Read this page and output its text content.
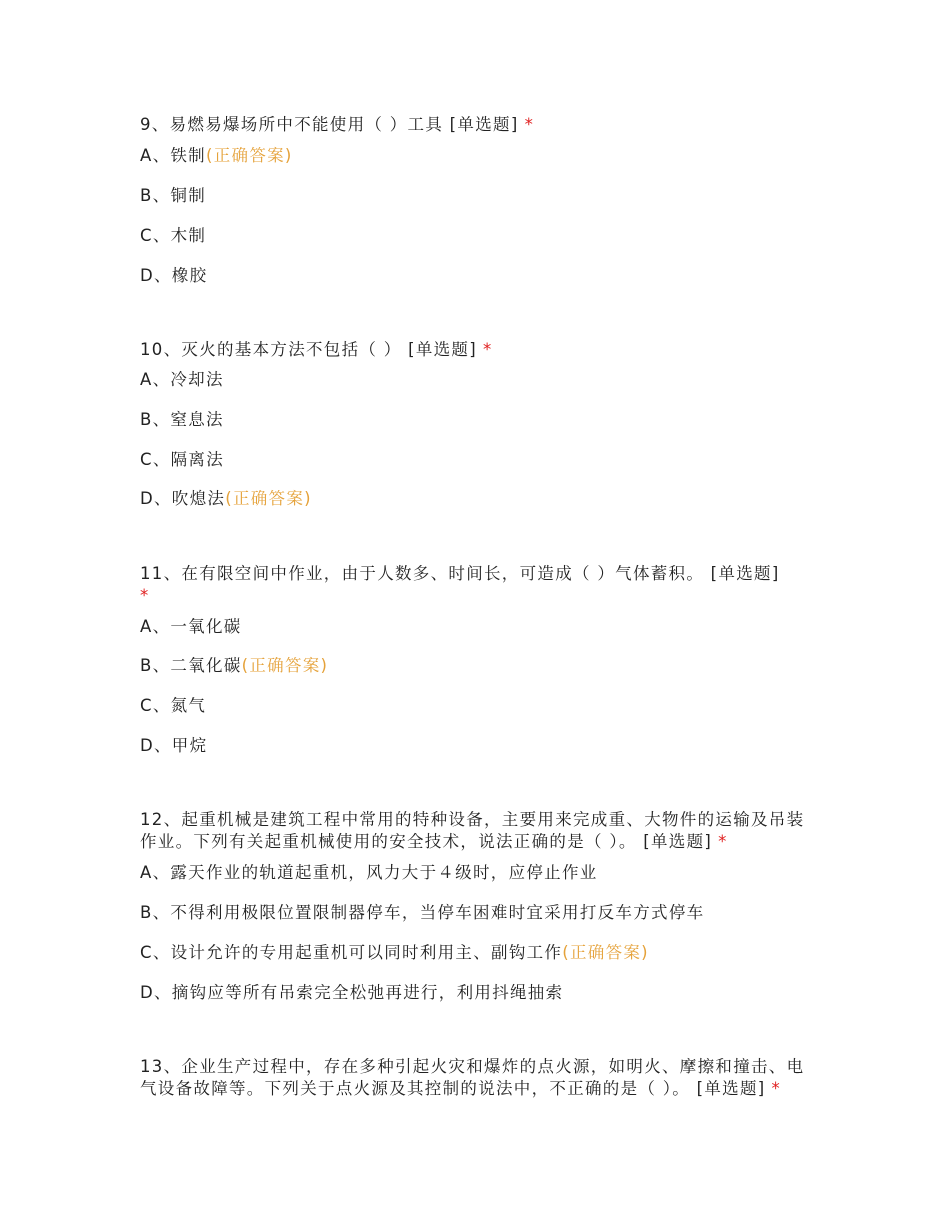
9、易燃易爆场所中不能使用（ ）工具 [单选题] *

A、铁制(正确答案)
B、铜制
C、木制
D、橡胶

10、灭火的基本方法不包括（ ） [单选题] *

A、冷却法
B、窒息法
C、隔离法
D、吹熄法(正确答案)

11、在有限空间中作业，由于人数多、时间长，可造成（ ）气体蓄积。 [单选题]
*

A、一氧化碳
B、二氧化碳(正确答案)
C、氮气
D、甲烷

12、起重机械是建筑工程中常用的特种设备，主要用来完成重、大物件的运输及吊装作业。下列有关起重机械使用的安全技术，说法正确的是（ ）。 [单选题] *

A、露天作业的轨道起重机，风力大于４级时，应停止作业
B、不得利用极限位置限制器停车，当停车困难时宜采用打反车方式停车
C、设计允许的专用起重机可以同时利用主、副钩工作(正确答案)
D、摘钩应等所有吊索完全松弛再进行，利用抖绳抽索

13、企业生产过程中，存在多种引起火灾和爆炸的点火源，如明火、摩擦和撞击、电气设备故障等。下列关于点火源及其控制的说法中，不正确的是（ ）。 [单选题] *
